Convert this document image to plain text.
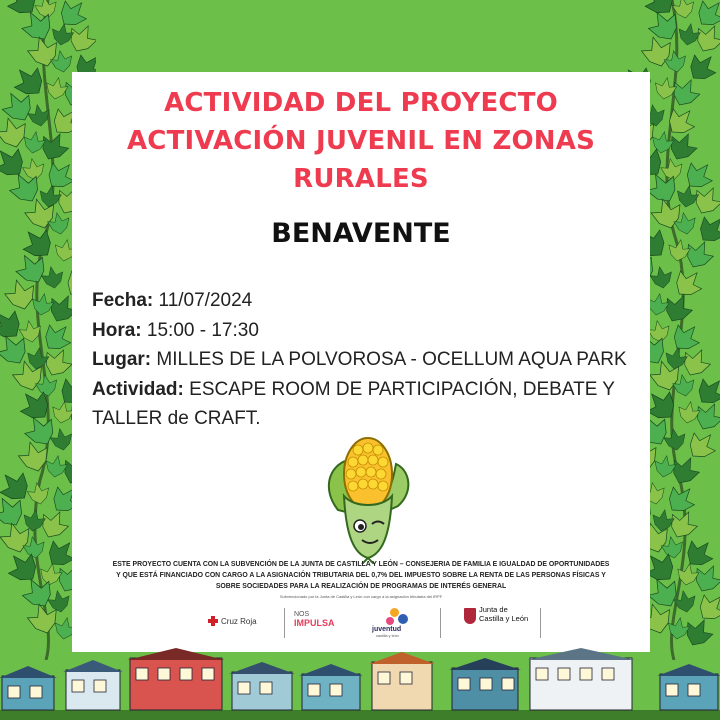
ACTIVIDAD DEL PROYECTO
ACTIVACIÓN JUVENIL EN ZONAS
RURALES
BENAVENTE
Fecha: 11/07/2024
Hora: 15:00 - 17:30
Lugar: MILLES DE LA POLVOROSA - OCELLUM AQUA PARK
Actividad: ESCAPE ROOM DE PARTICIPACIÓN, DEBATE Y TALLER de CRAFT.
ESTE PROYECTO CUENTA CON LA SUBVENCIÓN DE LA JUNTA DE CASTILLA Y LEÓN – CONSEJERIA DE FAMILIA E IGUALDAD DE OPORTUNIDADES
Y QUE ESTÁ FINANCIADO CON CARGO A LA ASIGNACIÓN TRIBUTARIA DEL 0,7% DEL IMPUESTO SOBRE LA RENTA DE LAS PERSONAS FÍSICAS Y
SOBRE SOCIEDADES PARA LA REALIZACIÓN DE PROGRAMAS DE INTERÉS GENERAL
Subvencionado por la Junta de Castilla y León con cargo a la asignación tributaria del IRPF
Cruz Roja
NOS
IMPULSA
juventud
castilla y león
Junta de
Castilla y León
